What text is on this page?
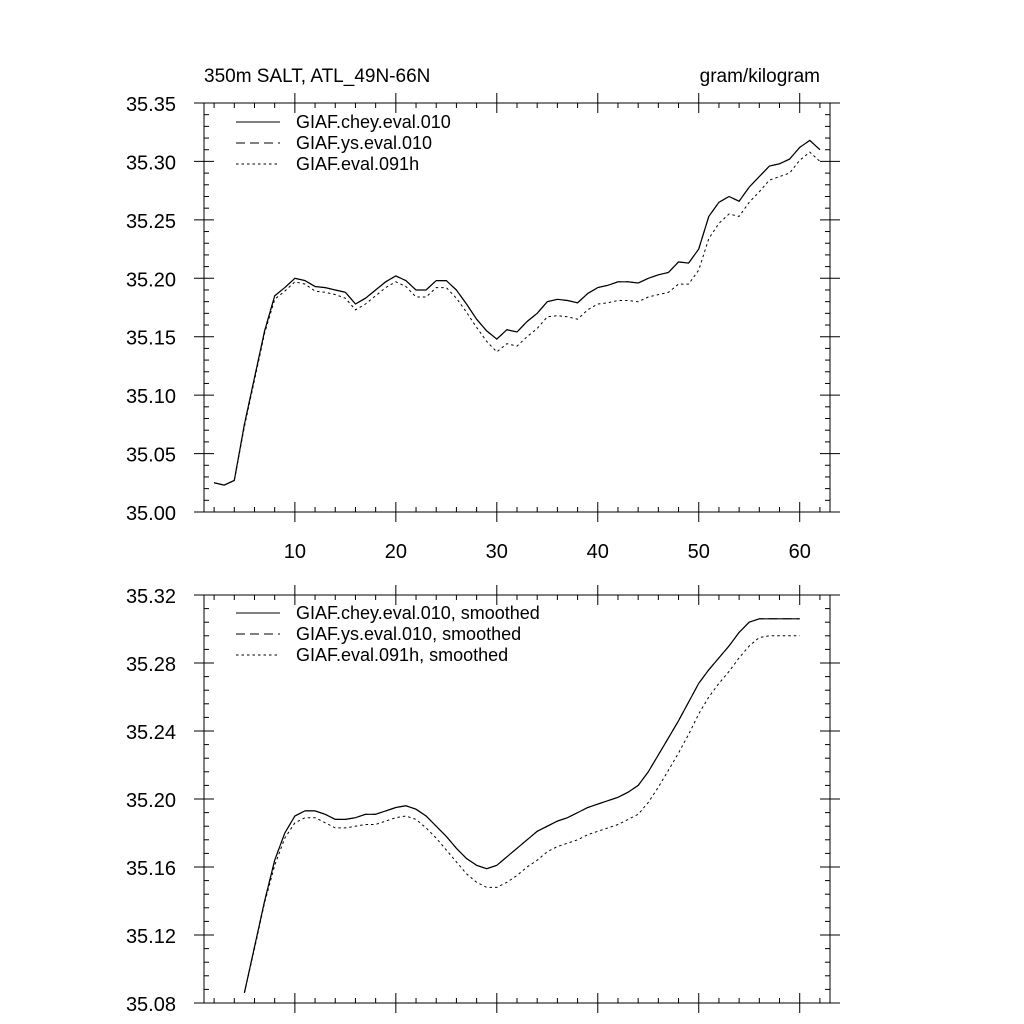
350m SALT, ATL_49N-66N	gram/kilogram
10	20	30	40	50	60
35.00
35.05
35.10
35.15
35.20
35.25
35.30
35.35
GIAF.chey.eval.010
GIAF.ys.eval.010
GIAF.eval.091h
35.08
35.12
35.16
35.20
35.24
35.28
35.32
GIAF.chey.eval.010, smoothed
GIAF.ys.eval.010, smoothed
GIAF.eval.091h, smoothed
